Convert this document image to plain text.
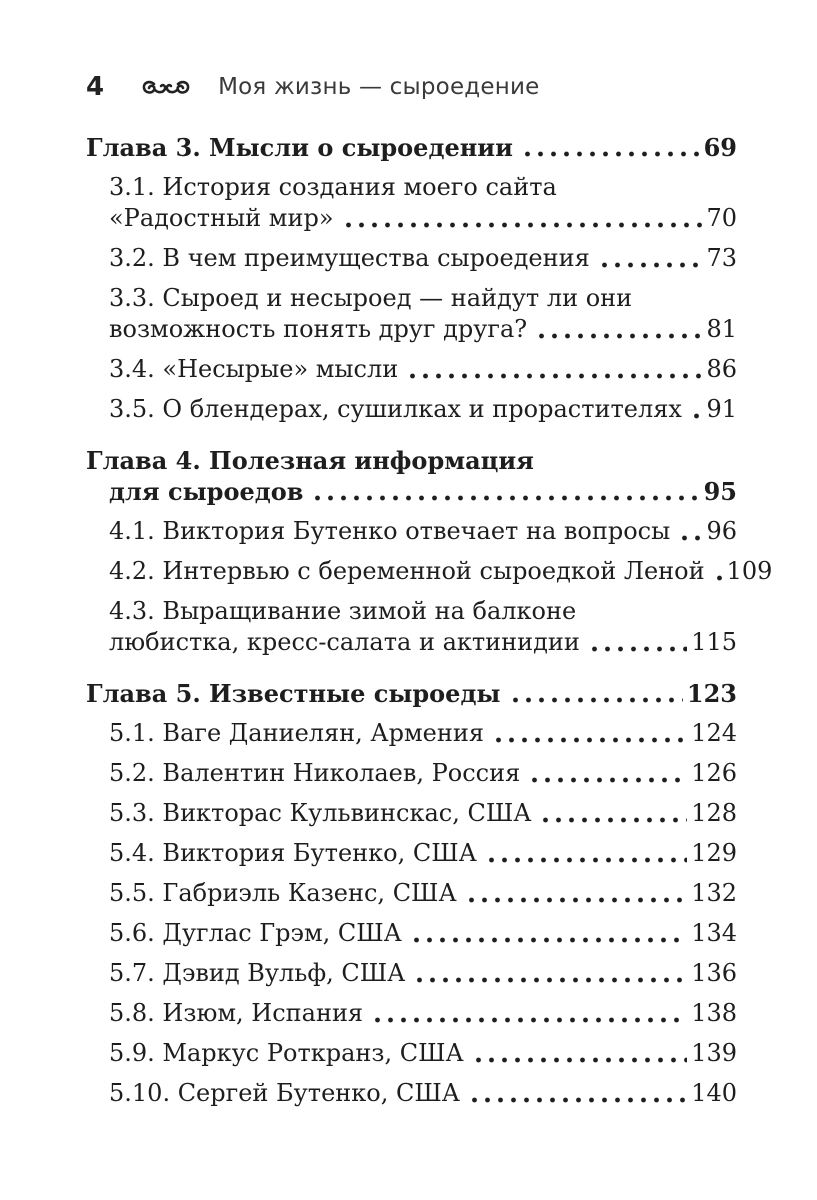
4	Моя жизнь — сыроедение
Глава 3. Мысли о сыроедении	69
3.1. История создания моего сайта
«Радостный мир»	70
3.2. В чем преимущества сыроедения	73
3.3. Сыроед и несыроед — найдут ли они
возможность понять друг друга?	81
3.4. «Несырые» мысли	86
3.5. О блендерах, сушилках и прорастителях 91
Глава 4. Полезная информация
для сыроедов	95
4.1. Виктория Бутенко отвечает на вопросы 96
4.2. Интервью с беременной сыроедкой Леной 109
4.3. Выращивание зимой на балконе
любистка, кресс-салата и актинидии	115
Глава 5. Известные сыроеды	123
5.1. Ваге Даниелян, Армения	124
5.2. Валентин Николаев, Россия	126
5.3. Викторас Кульвинскас, США	128
5.4. Виктория Бутенко, США	129
5.5. Габриэль Казенс, США	132
5.6. Дуглас Грэм, США	134
5.7. Дэвид Вульф, США	136
5.8. Изюм, Испания	138
5.9. Маркус Роткранз, США	139
5.10. Сергей Бутенко, США	140
